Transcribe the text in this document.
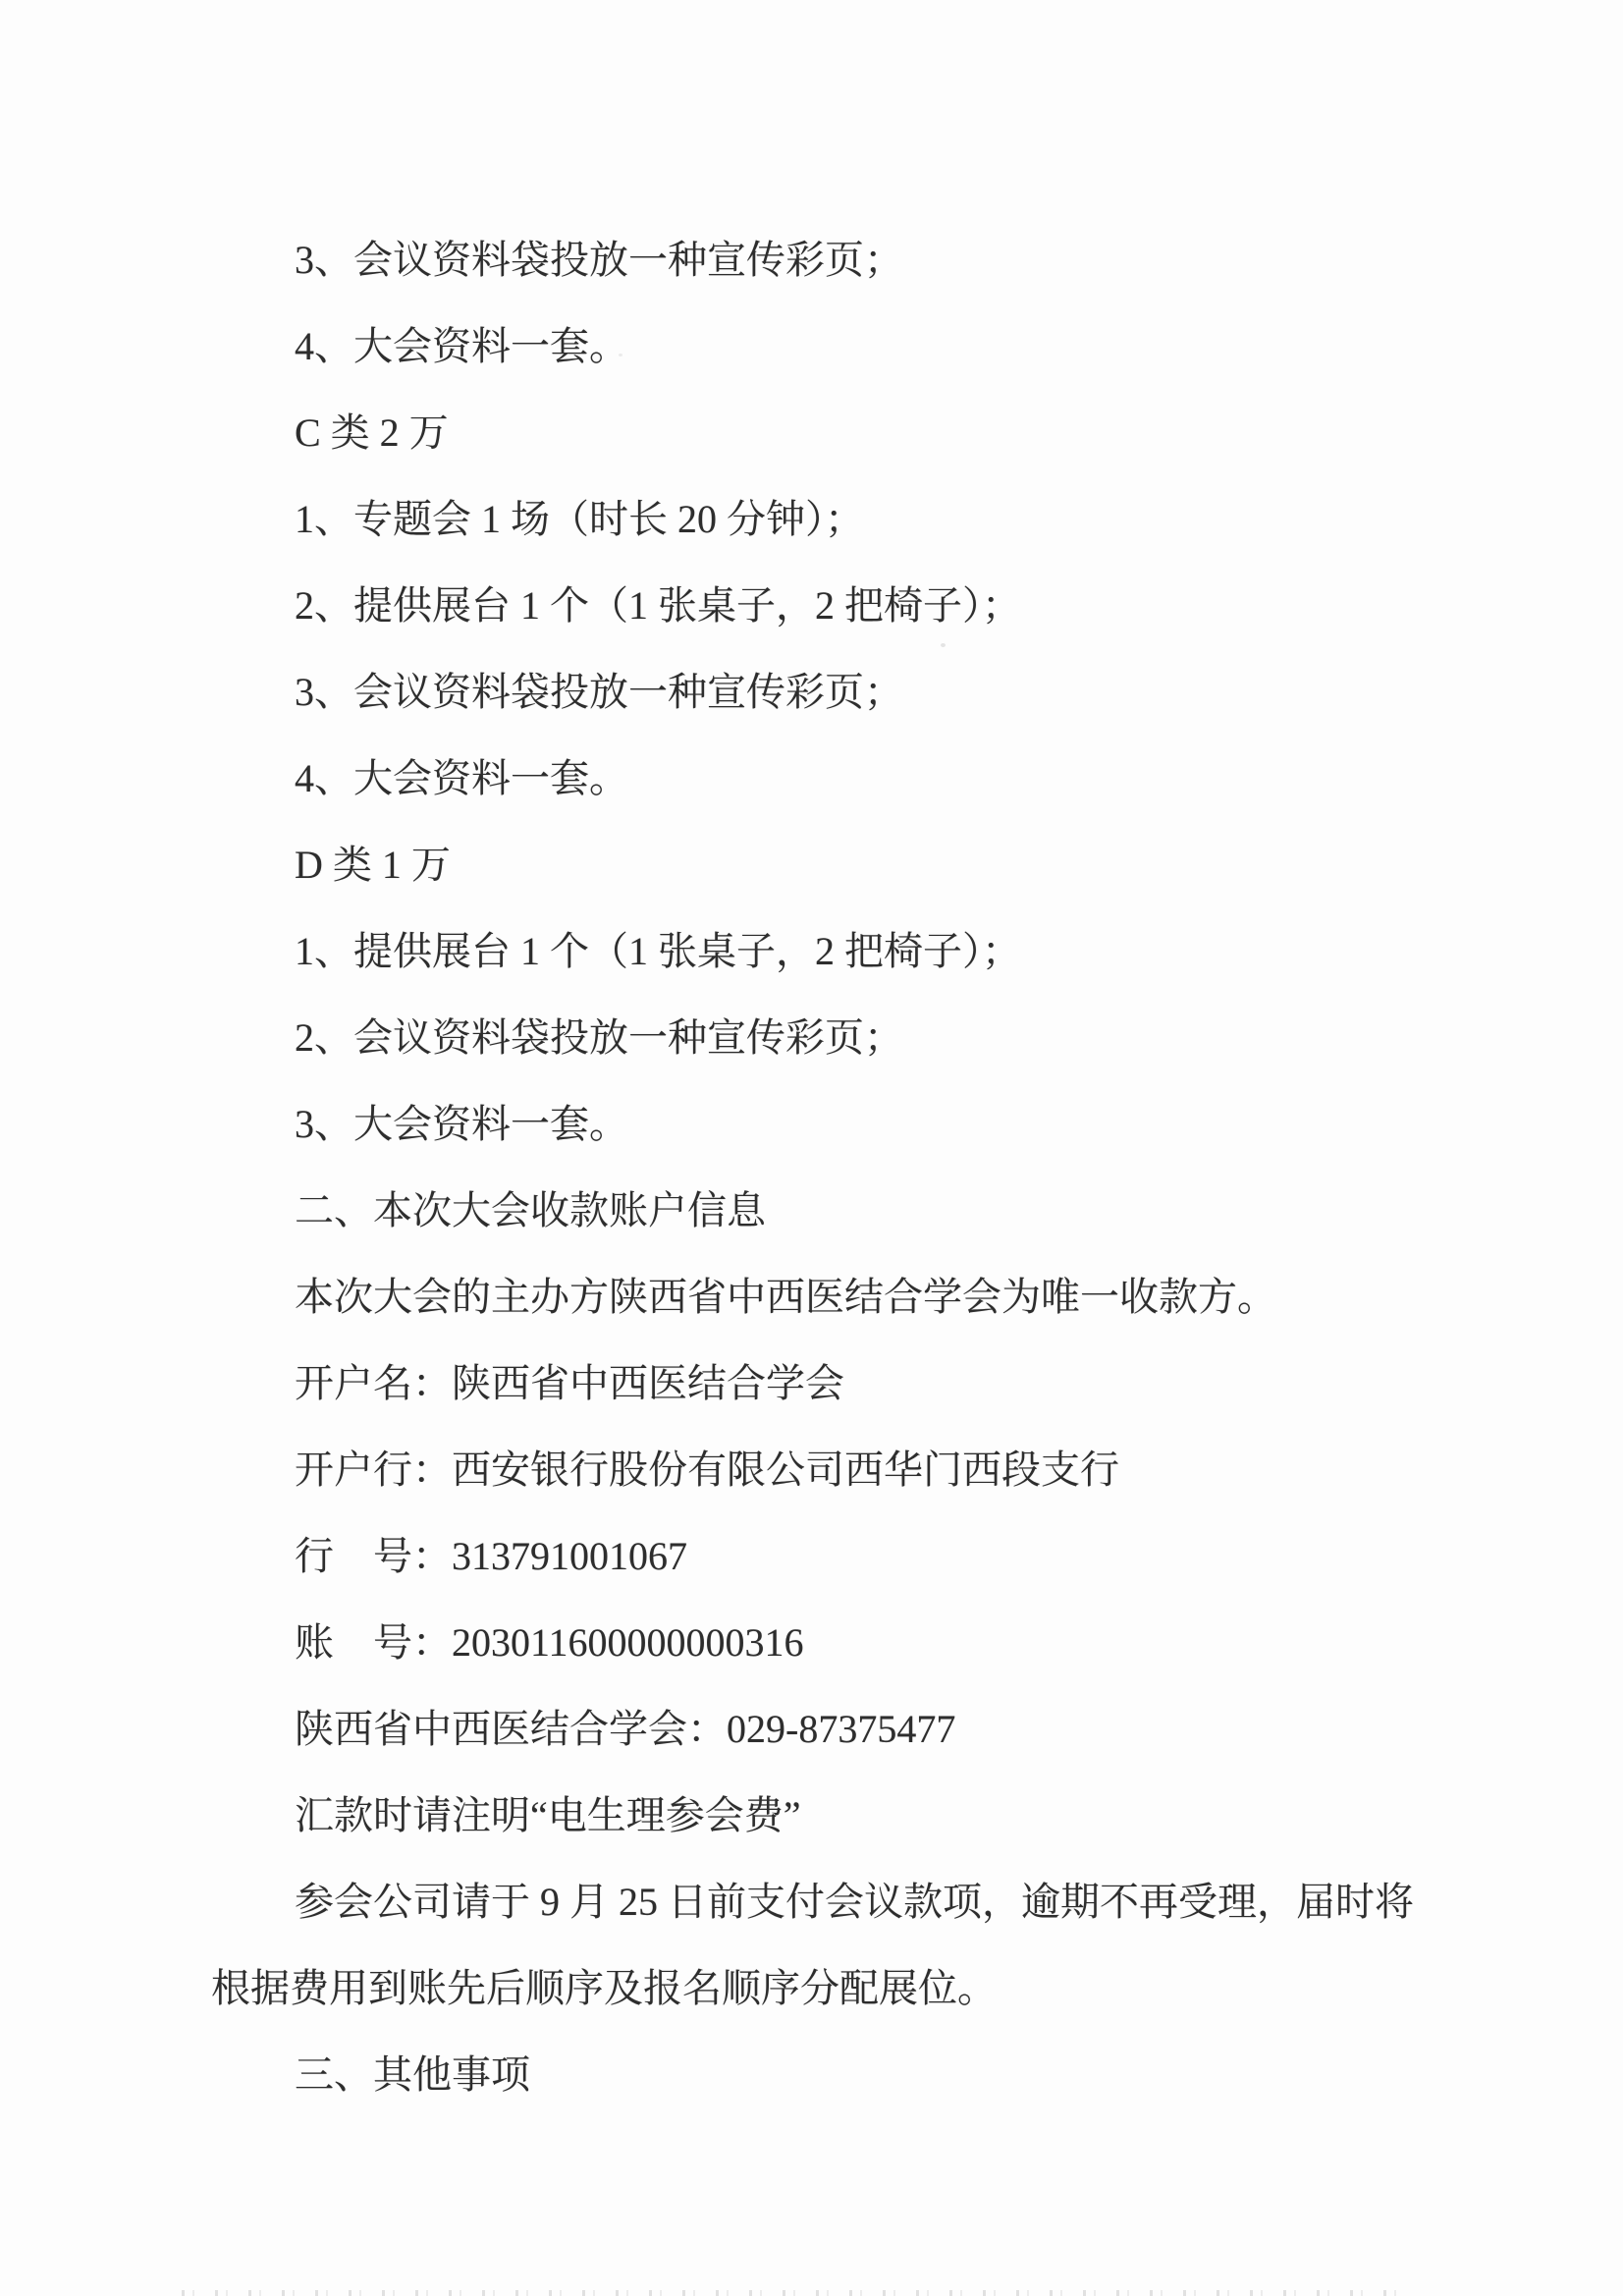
3、会议资料袋投放一种宣传彩页；
4、大会资料一套。
C 类 2 万
1、专题会 1 场（时长 20 分钟）；
2、提供展台 1 个（1 张桌子，2 把椅子）；
3、会议资料袋投放一种宣传彩页；
4、大会资料一套。
D 类 1 万
1、提供展台 1 个（1 张桌子，2 把椅子）；
2、会议资料袋投放一种宣传彩页；
3、大会资料一套。
二、本次大会收款账户信息
本次大会的主办方陕西省中西医结合学会为唯一收款方。
开户名：陕西省中西医结合学会
开户行：西安银行股份有限公司西华门西段支行
行　号：313791001067
账　号：203011600000000316
陕西省中西医结合学会：029-87375477
汇款时请注明“电生理参会费”
参会公司请于 9 月 25 日前支付会议款项，逾期不再受理，届时将
根据费用到账先后顺序及报名顺序分配展位。
三、其他事项
